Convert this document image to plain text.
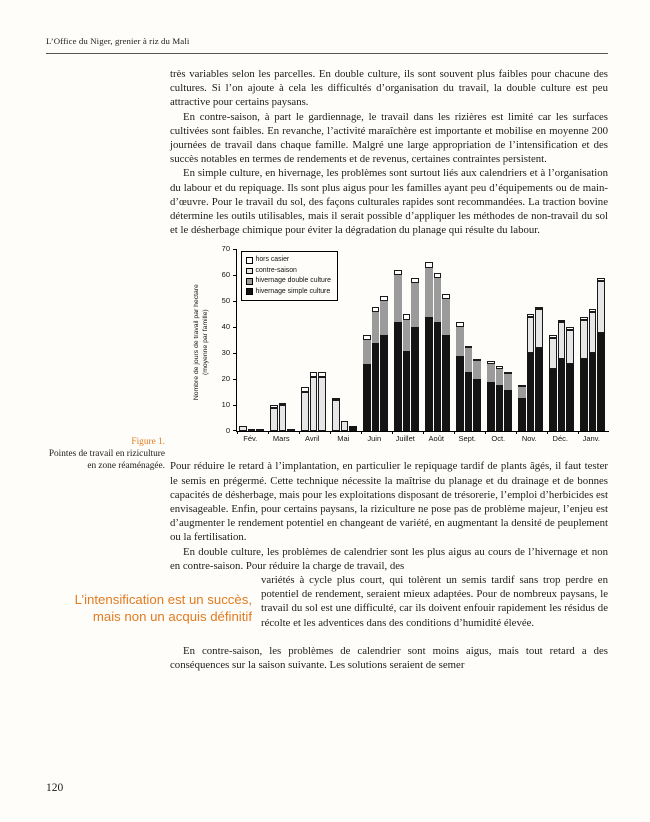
L’Office du Niger, grenier à riz du Mali

très variables selon les parcelles. En double culture, ils sont souvent plus faibles pour chacune des cultures. Si l’on ajoute à cela les difficultés d’organisation du travail, la double culture est peu attractive pour certains paysans.

En contre-saison, à part le gardiennage, le travail dans les rizières est limité car les surfaces cultivées sont faibles. En revanche, l’activité maraîchère est importante et mobilise en moyenne 200 journées de travail dans chaque famille. Malgré une large appropriation de l’intensification et des succès notables en termes de rendements et de revenus, certaines contraintes persistent.

En simple culture, en hivernage, les problèmes sont surtout liés aux calendriers et à l’organisation du labour et du repiquage. Ils sont plus aigus pour les familles ayant peu d’équipements ou de main-d’œuvre. Pour le travail du sol, des façons culturales rapides sont recommandées. La traction bovine détermine les outils utilisables, mais il serait possible d’appliquer les méthodes de non-travail du sol et le désherbage chimique pour éviter la dégradation du planage qui résulte du labour.

Nombre de jours de travail par hectare (moyenne par famille)
0
10
20
30
40
50
60
70
hors casier
contre-saison
hivernage double culture
hivernage simple culture
Fév.	Mars	Avril	Mai	Juin	Juillet	Août	Sept.	Oct.	Nov.	Déc.	Janv.

Pour réduire le retard à l’implantation, en particulier le repiquage tardif de plants âgés, il faut tester le semis en prégermé. Cette technique nécessite la maîtrise du planage et du drainage et de bonnes capacités de désherbage, mais pour les exploitations disposant de trésorerie, l’emploi d’herbicides est envisageable. Enfin, pour certains paysans, la riziculture ne pose pas de problème majeur, l’enjeu est d’augmenter le rendement potentiel en changeant de variété, en augmentant la densité de peuplement ou la fertilisation.

En double culture, les problèmes de calendrier sont les plus aigus au cours de l’hivernage et non en contre-saison. Pour réduire la charge de travail, des

L’intensification est un succès, mais non un acquis définitif
variétés à cycle plus court, qui tolèrent un semis tardif sans trop perdre en potentiel de rendement, seraient mieux adaptées. Pour de nombreux paysans, le travail du sol est une difficulté, car ils doivent enfouir rapidement les résidus de récolte et les adventices dans des conditions d’humidité élevée.

En contre-saison, les problèmes de calendrier sont moins aigus, mais tout retard a des conséquences sur la saison suivante. Les solutions seraient de semer

Figure 1.
Pointes de travail en riziculture en zone réaménagée.
120
